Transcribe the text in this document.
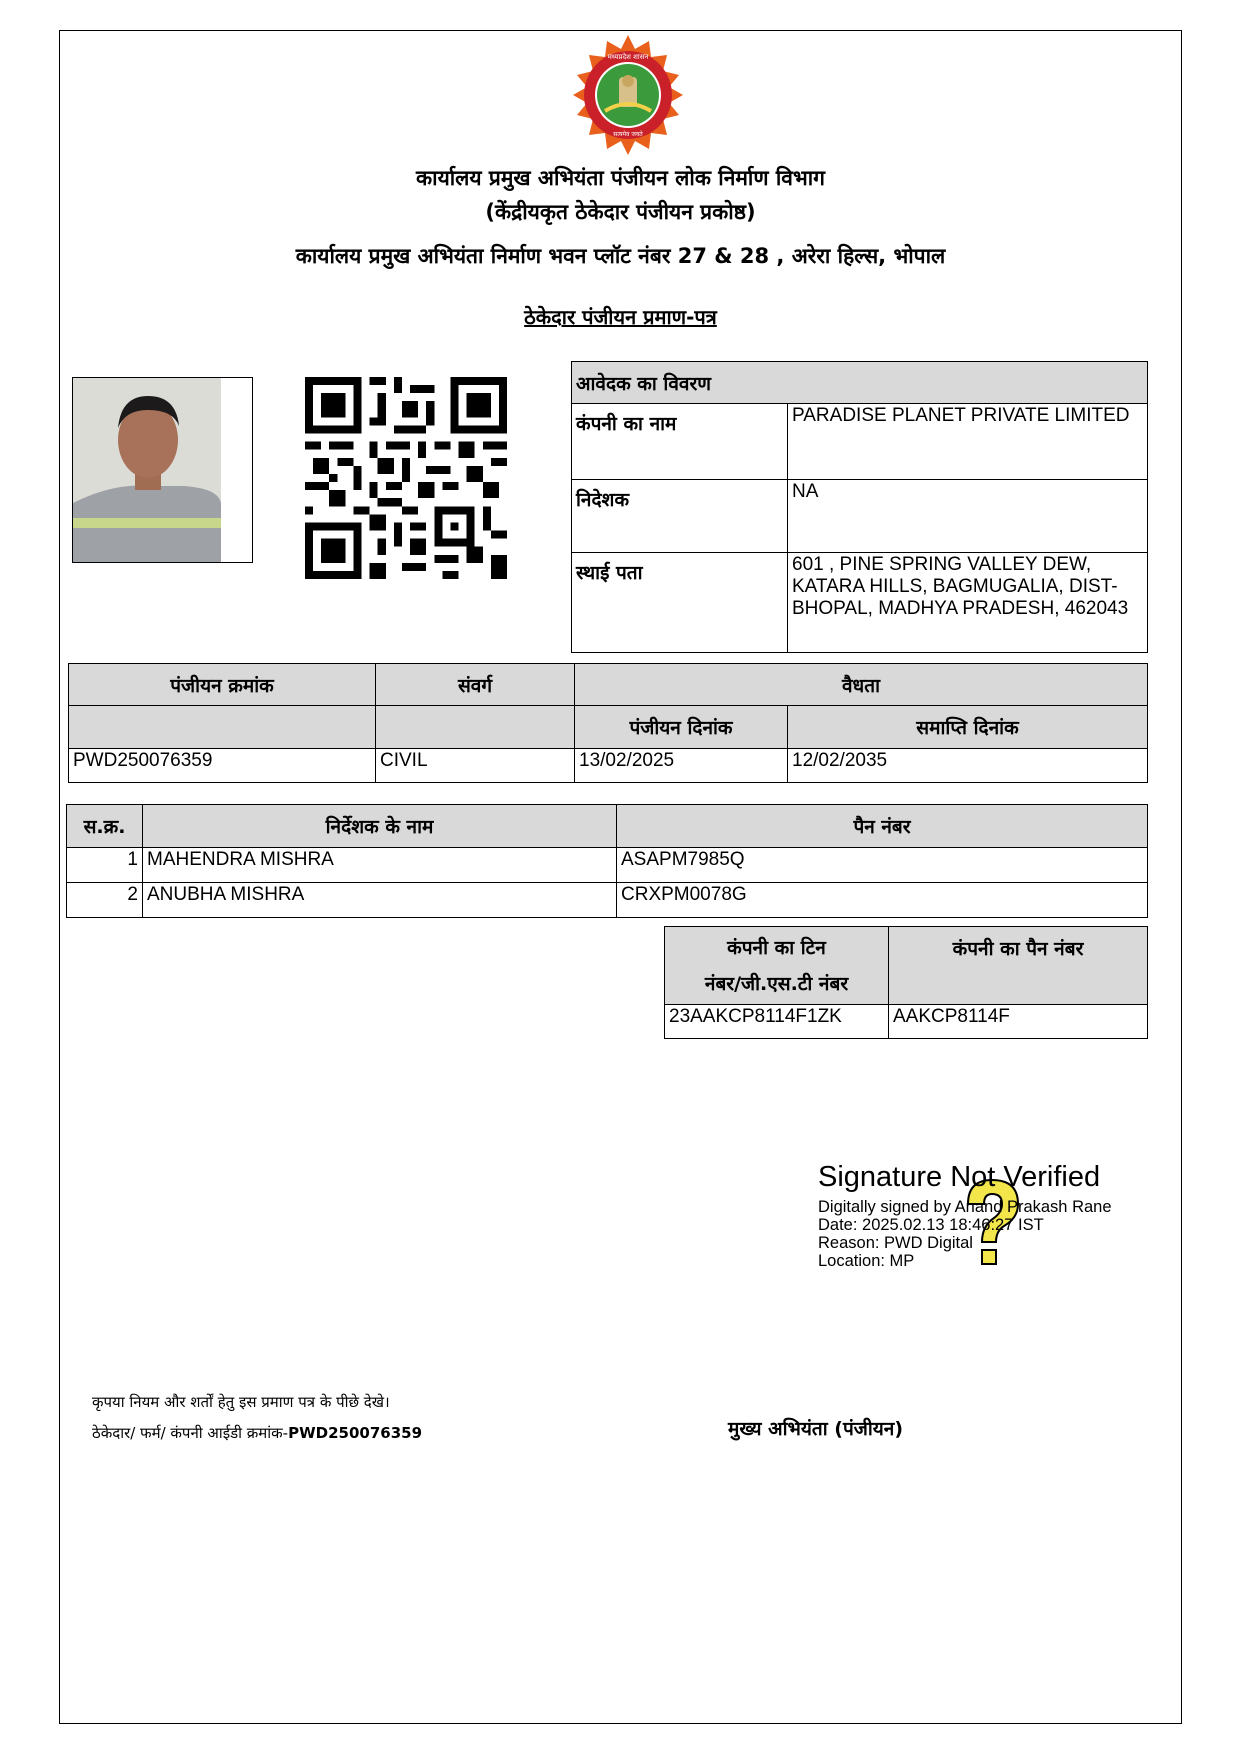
मध्यप्रदेश शासन
सत्यमेव जयते
कार्यालय प्रमुख अभियंता पंजीयन लोक निर्माण विभाग
(केंद्रीयकृत ठेकेदार पंजीयन प्रकोष्ठ)
कार्यालय प्रमुख अभियंता निर्माण भवन प्लॉट नंबर 27 & 28 , अरेरा हिल्स, भोपाल
ठेकेदार पंजीयन प्रमाण-पत्र
आवेदक का विवरण	
कंपनी का नाम	PARADISE PLANET PRIVATE LIMITED
निदेशक	NA
स्थाई पता	601 , PINE SPRING VALLEY DEW, KATARA HILLS, BAGMUGALIA, DIST-BHOPAL, MADHYA PRADESH, 462043
पंजीयन क्रमांक	संवर्ग	वैधता	
		पंजीयन दिनांक	समाप्ति दिनांक
PWD250076359	CIVIL	13/02/2025	12/02/2035
स.क्र.	निर्देशक के नाम	पैन नंबर
1	MAHENDRA MISHRA	ASAPM7985Q
2	ANUBHA MISHRA	CRXPM0078G
कंपनी का टिन
नंबर/जी.एस.टी नंबर	कंपनी का पैन नंबर
23AAKCP8114F1ZK	AAKCP8114F
Signature Not Verified
Digitally signed by Anand Prakash Rane
Date: 2025.02.13 18:46:27 IST
Reason: PWD Digital
Location: MP
कृपया नियम और शर्तों हेतु इस प्रमाण पत्र के पीछे देखे।
ठेकेदार/ फर्म/ कंपनी आईडी क्रमांक-PWD250076359	मुख्य अभियंता (पंजीयन)
